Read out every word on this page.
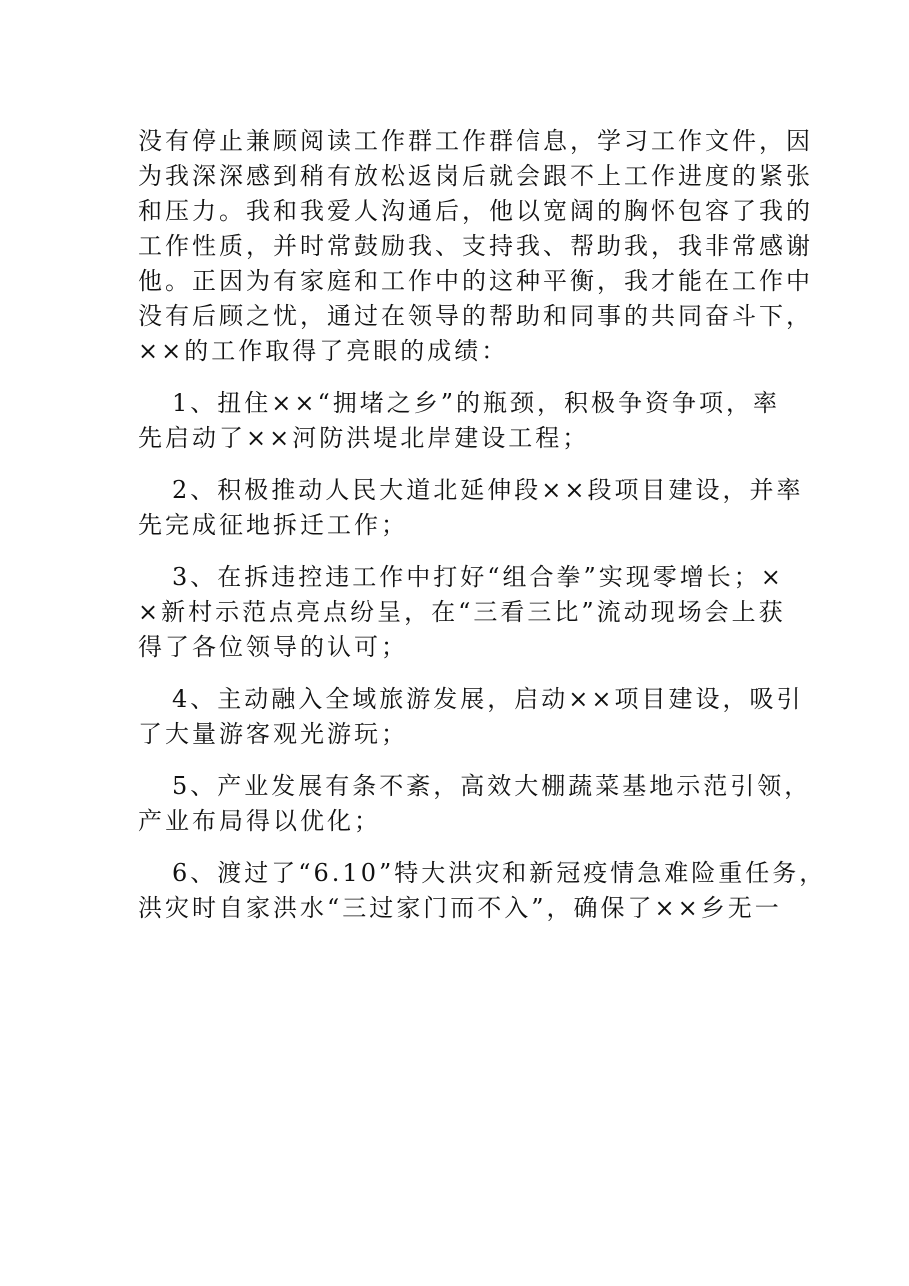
没有停止兼顾阅读工作群工作群信息，学习工作文件，因
为我深深感到稍有放松返岗后就会跟不上工作进度的紧张
和压力。我和我爱人沟通后，他以宽阔的胸怀包容了我的
工作性质，并时常鼓励我、支持我、帮助我，我非常感谢
他。正因为有家庭和工作中的这种平衡，我才能在工作中
没有后顾之忧，通过在领导的帮助和同事的共同奋斗下，
××的工作取得了亮眼的成绩：
1、扭住××“拥堵之乡”的瓶颈，积极争资争项，率
先启动了××河防洪堤北岸建设工程；
2、积极推动人民大道北延伸段××段项目建设，并率
先完成征地拆迁工作；
3、在拆违控违工作中打好“组合拳”实现零增长；×
×新村示范点亮点纷呈，在“三看三比”流动现场会上获
得了各位领导的认可；
4、主动融入全域旅游发展，启动××项目建设，吸引
了大量游客观光游玩；
5、产业发展有条不紊，高效大棚蔬菜基地示范引领，
产业布局得以优化；
6、渡过了“6.10”特大洪灾和新冠疫情急难险重任务，
洪灾时自家洪水“三过家门而不入”，确保了××乡无一
